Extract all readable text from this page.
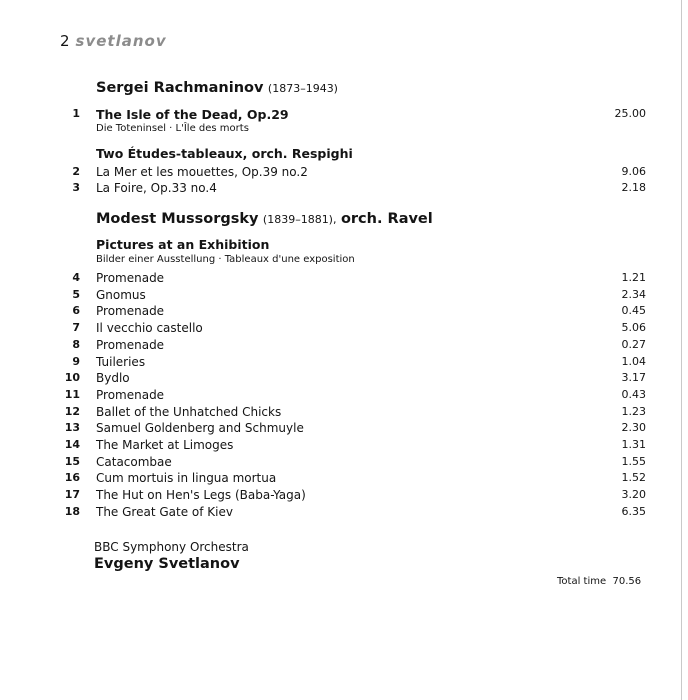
2 svetlanov
Sergei Rachmaninov (1873–1943)
1 The Isle of the Dead, Op.29	25.00
Die Toteninsel · L'Île des morts
Two Études-tableaux, orch. Respighi
2 La Mer et les mouettes, Op.39 no.2	9.06
3 La Foire, Op.33 no.4	2.18
Modest Mussorgsky (1839–1881), orch. Ravel
Pictures at an Exhibition
Bilder einer Ausstellung · Tableaux d'une exposition
4 Promenade	1.21
5 Gnomus	2.34
6 Promenade	0.45
7 Il vecchio castello	5.06
8 Promenade	0.27
9 Tuileries	1.04
10 Bydlo	3.17
11 Promenade	0.43
12 Ballet of the Unhatched Chicks	1.23
13 Samuel Goldenberg and Schmuyle	2.30
14 The Market at Limoges	1.31
15 Catacombae	1.55
16 Cum mortuis in lingua mortua	1.52
17 The Hut on Hen's Legs (Baba-Yaga)	3.20
18 The Great Gate of Kiev	6.35
BBC Symphony Orchestra
Evgeny Svetlanov
Total time 70.56
